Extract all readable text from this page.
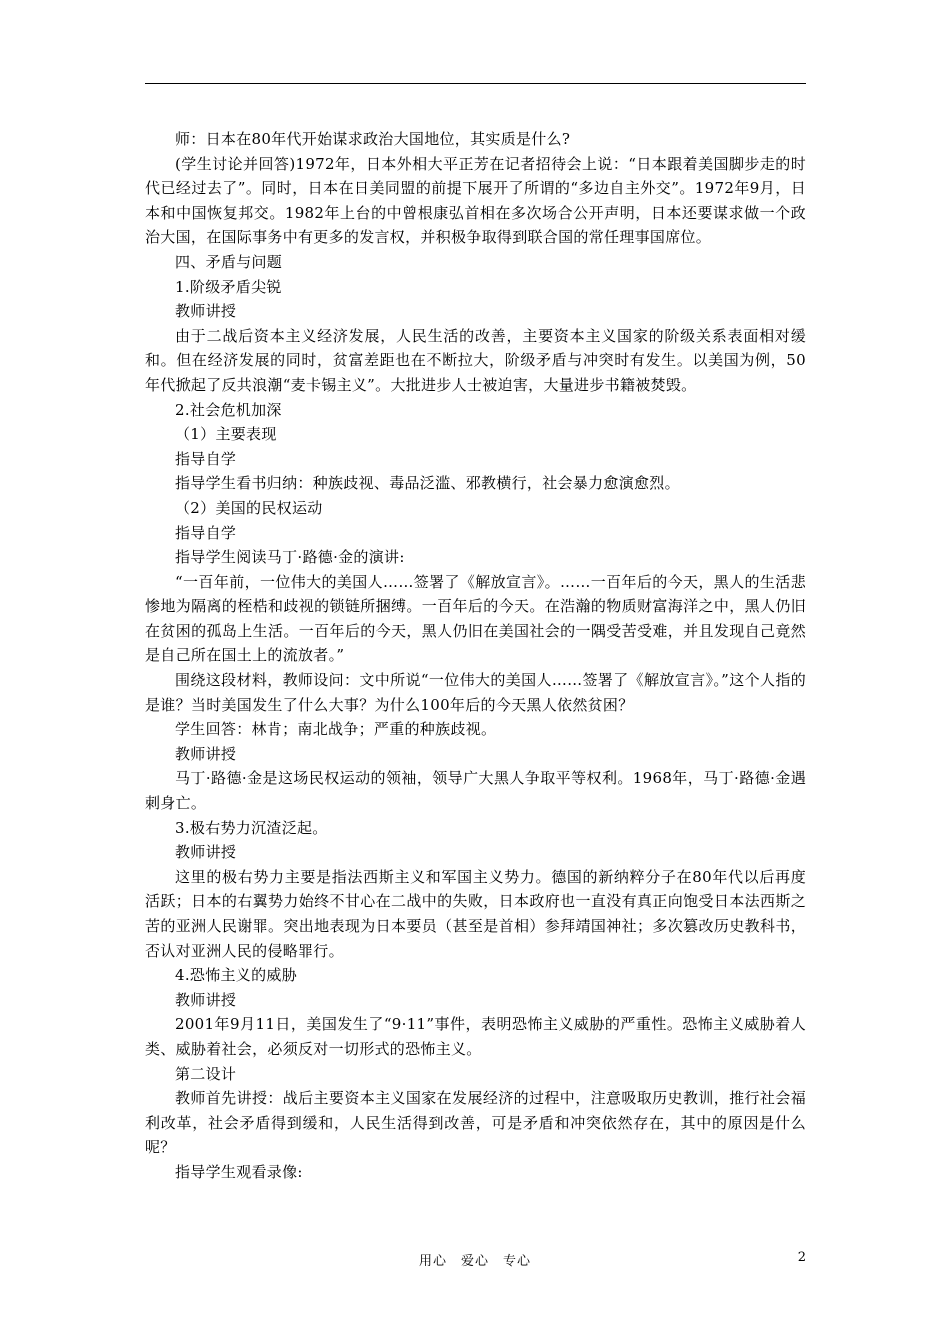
师：日本在80年代开始谋求政治大国地位，其实质是什么?

(学生讨论并回答)1972年，日本外相大平正芳在记者招待会上说：“日本跟着美国脚步走的时代已经过去了”。同时，日本在日美同盟的前提下展开了所谓的“多边自主外交”。1972年9月，日本和中国恢复邦交。1982年上台的中曾根康弘首相在多次场合公开声明，日本还要谋求做一个政治大国，在国际事务中有更多的发言权，并积极争取得到联合国的常任理事国席位。

四、矛盾与问题

1.阶级矛盾尖锐

教师讲授

由于二战后资本主义经济发展，人民生活的改善，主要资本主义国家的阶级关系表面相对缓和。但在经济发展的同时，贫富差距也在不断拉大，阶级矛盾与冲突时有发生。以美国为例，50年代掀起了反共浪潮“麦卡锡主义”。大批进步人士被迫害，大量进步书籍被焚毁。

2.社会危机加深

（1）主要表现

指导自学

指导学生看书归纳：种族歧视、毒品泛滥、邪教横行，社会暴力愈演愈烈。

（2）美国的民权运动

指导自学

指导学生阅读马丁·路德·金的演讲:

“一百年前，一位伟大的美国人……签署了《解放宣言》。……一百年后的今天，黑人的生活悲惨地为隔离的桎梏和歧视的锁链所捆缚。一百年后的今天。在浩瀚的物质财富海洋之中，黑人仍旧在贫困的孤岛上生活。一百年后的今天，黑人仍旧在美国社会的一隅受苦受难，并且发现自己竟然是自己所在国土上的流放者。”

围绕这段材料，教师设问：文中所说“一位伟大的美国人……签署了《解放宣言》。”这个人指的是谁？当时美国发生了什么大事？为什么100年后的今天黑人依然贫困？

学生回答：林肯；南北战争；严重的种族歧视。

教师讲授

马丁·路德·金是这场民权运动的领袖，领导广大黑人争取平等权利。1968年，马丁·路德·金遇刺身亡。

3.极右势力沉渣泛起。

教师讲授

这里的极右势力主要是指法西斯主义和军国主义势力。德国的新纳粹分子在80年代以后再度活跃；日本的右翼势力始终不甘心在二战中的失败，日本政府也一直没有真正向饱受日本法西斯之苦的亚洲人民谢罪。突出地表现为日本要员（甚至是首相）参拜靖国神社；多次篡改历史教科书，否认对亚洲人民的侵略罪行。

4.恐怖主义的威胁

教师讲授

2001年9月11日，美国发生了“9·11”事件，表明恐怖主义威胁的严重性。恐怖主义威胁着人类、威胁着社会，必须反对一切形式的恐怖主义。

第二设计

教师首先讲授：战后主要资本主义国家在发展经济的过程中，注意吸取历史教训，推行社会福利改革，社会矛盾得到缓和，人民生活得到改善，可是矛盾和冲突依然存在，其中的原因是什么呢？

指导学生观看录像:

用心　爱心　专心	2
